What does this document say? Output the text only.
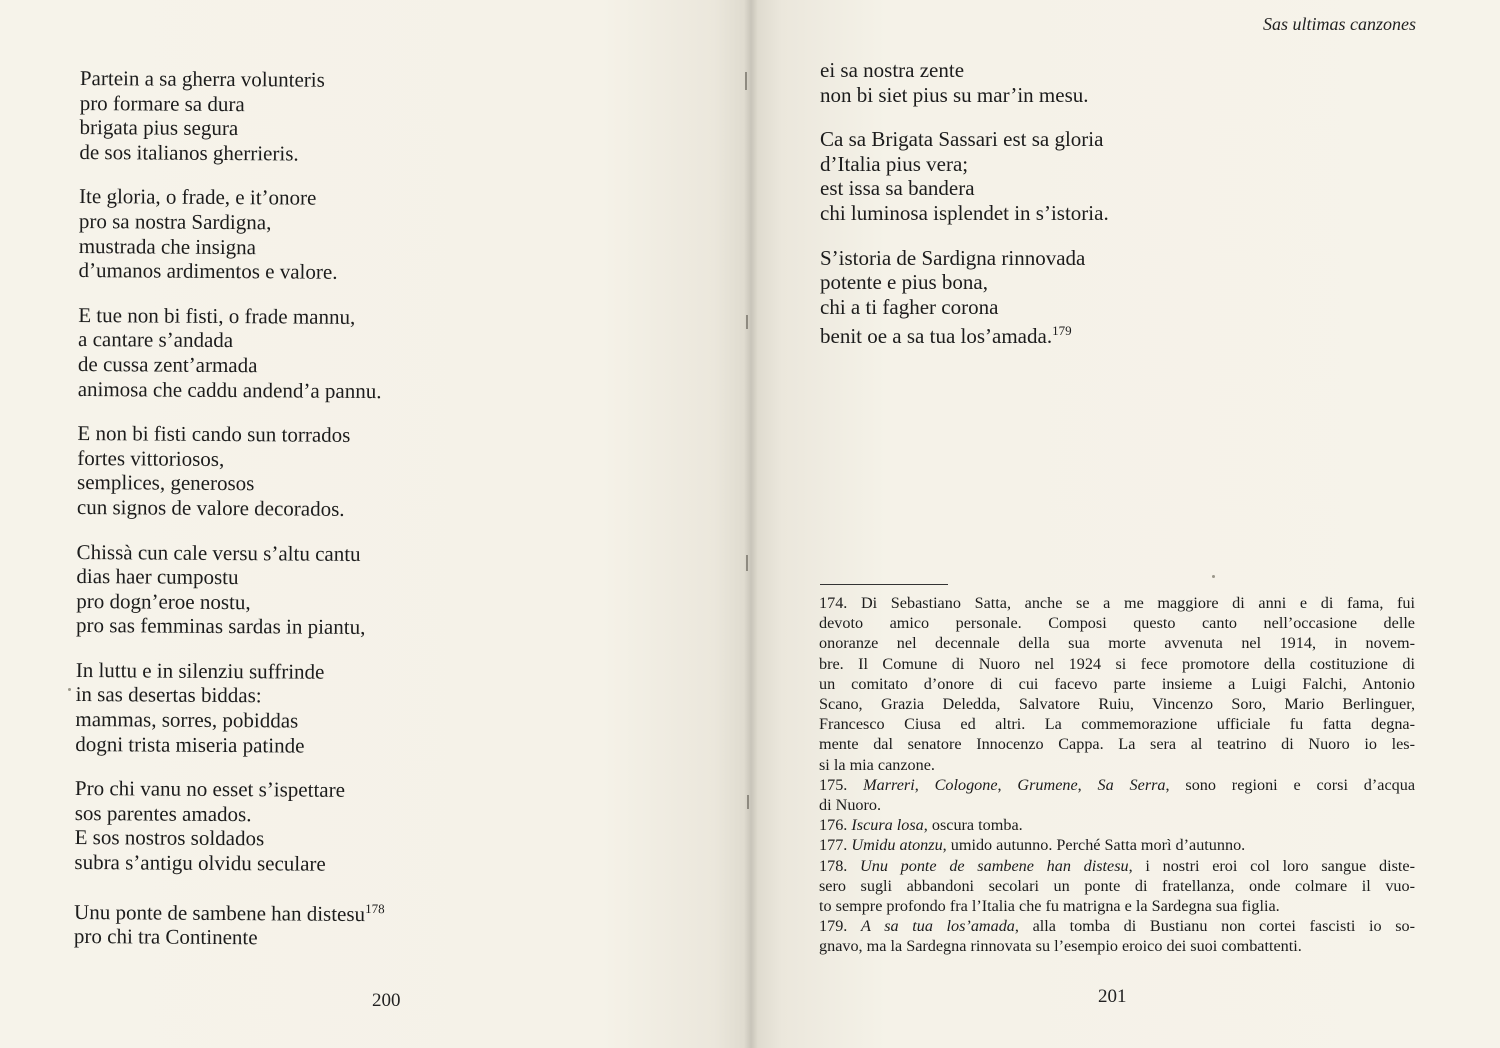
Partein a sa gherra volunteris
pro formare sa dura
brigata pius segura
de sos italianos gherrieris.
Ite gloria, o frade, e it’onore
pro sa nostra Sardigna,
mustrada che insigna
d’umanos ardimentos e valore.
E tue non bi fisti, o frade mannu,
a cantare s’andada
de cussa zent’armada
animosa che caddu andend’a pannu.
E non bi fisti cando sun torrados
fortes vittoriosos,
semplices, generosos
cun signos de valore decorados.
Chissà cun cale versu s’altu cantu
dias haer cumpostu
pro dogn’eroe nostu,
pro sas femminas sardas in piantu,
In luttu e in silenziu suffrinde
in sas desertas biddas:
mammas, sorres, pobiddas
dogni trista miseria patinde
Pro chi vanu no esset s’ispettare
sos parentes amados.
E sos nostros soldados
subra s’antigu olvidu seculare
Unu ponte de sambene han distesu$^{178}$
pro chi tra Continente
200
Sas ultimas canzones
ei sa nostra zente
non bi siet pius su mar’in mesu.
Ca sa Brigata Sassari est sa gloria
d’Italia pius vera;
est issa sa bandera
chi luminosa isplendet in s’istoria.
S’istoria de Sardigna rinnovada
potente e pius bona,
chi a ti fagher corona
benit oe a sa tua los’amada.$^{179}$
174. Di Sebastiano Satta, anche se a me maggiore di anni e di fama, fui
devoto amico personale. Composi questo canto nell’occasione delle
onoranze nel decennale della sua morte avvenuta nel 1914, in novem-
bre. Il Comune di Nuoro nel 1924 si fece promotore della costituzione di
un comitato d’onore di cui facevo parte insieme a Luigi Falchi, Antonio
Scano, Grazia Deledda, Salvatore Ruiu, Vincenzo Soro, Mario Berlinguer,
Francesco Ciusa ed altri. La commemorazione ufficiale fu fatta degna-
mente dal senatore Innocenzo Cappa. La sera al teatrino di Nuoro io les-
si la mia canzone.
175. Marreri, Cologone, Grumene, Sa Serra, sono regioni e corsi d’acqua
di Nuoro.
176. Iscura losa, oscura tomba.
177. Umidu atonzu, umido autunno. Perché Satta morì d’autunno.
178. Unu ponte de sambene han distesu, i nostri eroi col loro sangue diste-
sero sugli abbandoni secolari un ponte di fratellanza, onde colmare il vuo-
to sempre profondo fra l’Italia che fu matrigna e la Sardegna sua figlia.
179. A sa tua los’amada, alla tomba di Bustianu non cortei fascisti io so-
gnavo, ma la Sardegna rinnovata su l’esempio eroico dei suoi combattenti.
201
